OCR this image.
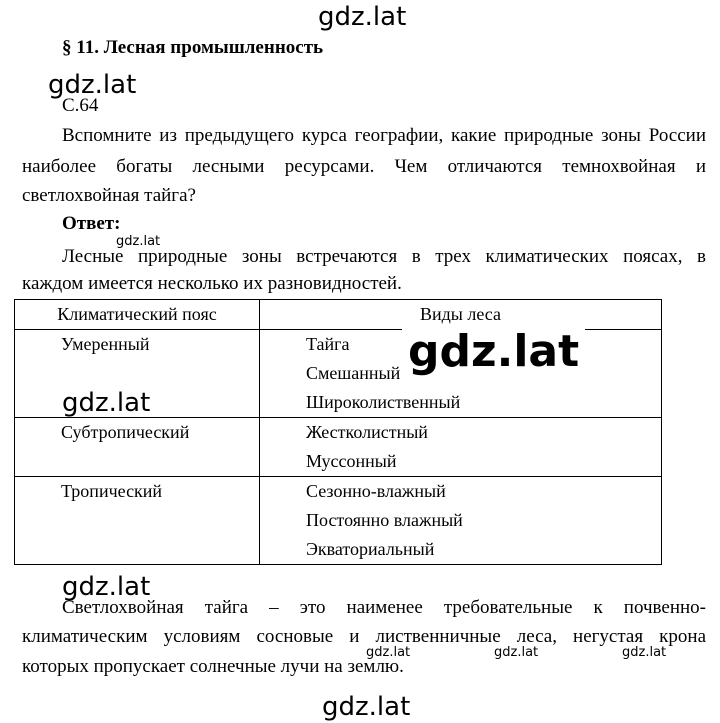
gdz.lat
§ 11. Лесная промышленность
gdz.lat
С.64
Вспомните из предыдущего курса географии, какие природные зоны России
наиболее богаты лесными ресурсами. Чем отличаются темнохвойная и
светлохвойная тайга?
Ответ:
gdz.lat
Лесные природные зоны встречаются в трех климатических поясах, в
каждом имеется несколько их разновидностей.
Климатический пояс	Виды леса

Умеренный	Тайга
Смешанный
Широколиственный

Субтропический	Жестколистный
Муссонный

Тропический	Сезонно-влажный
Постоянно влажный
Экваториальный
gdz.lat
gdz.lat
gdz.lat
Светлохвойная тайга – это наименее требовательные к почвенно-
климатическим условиям сосновые и лиственничные леса, негустая крона
которых пропускает солнечные лучи на землю.
gdz.lat	gdz.lat	gdz.lat
gdz.lat
